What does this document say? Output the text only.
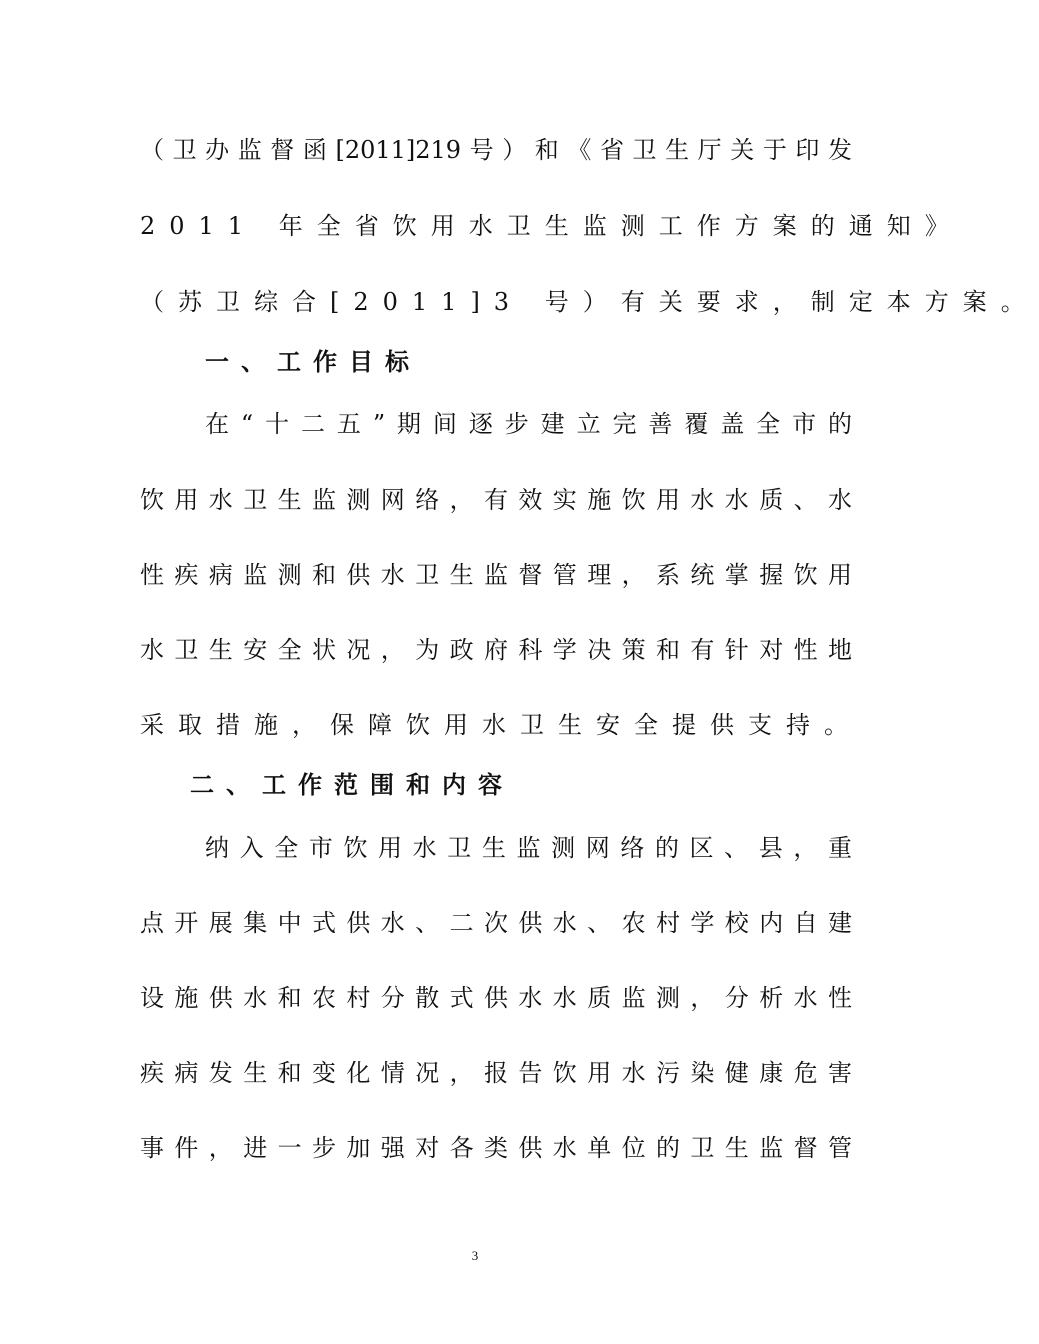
（卫办监督函[2011]219号）和《省卫生厅关于印发
2011 年全省饮用水卫生监测工作方案的通知》
（苏卫综合[2011]3 号）有关要求，制定本方案。
一、工作目标
在“十二五”期间逐步建立完善覆盖全市的
饮用水卫生监测网络，有效实施饮用水水质、水
性疾病监测和供水卫生监督管理，系统掌握饮用
水卫生安全状况，为政府科学决策和有针对性地
采取措施，保障饮用水卫生安全提供支持。
二、工作范围和内容
纳入全市饮用水卫生监测网络的区、县，重
点开展集中式供水、二次供水、农村学校内自建
设施供水和农村分散式供水水质监测，分析水性
疾病发生和变化情况，报告饮用水污染健康危害
事件，进一步加强对各类供水单位的卫生监督管
3
